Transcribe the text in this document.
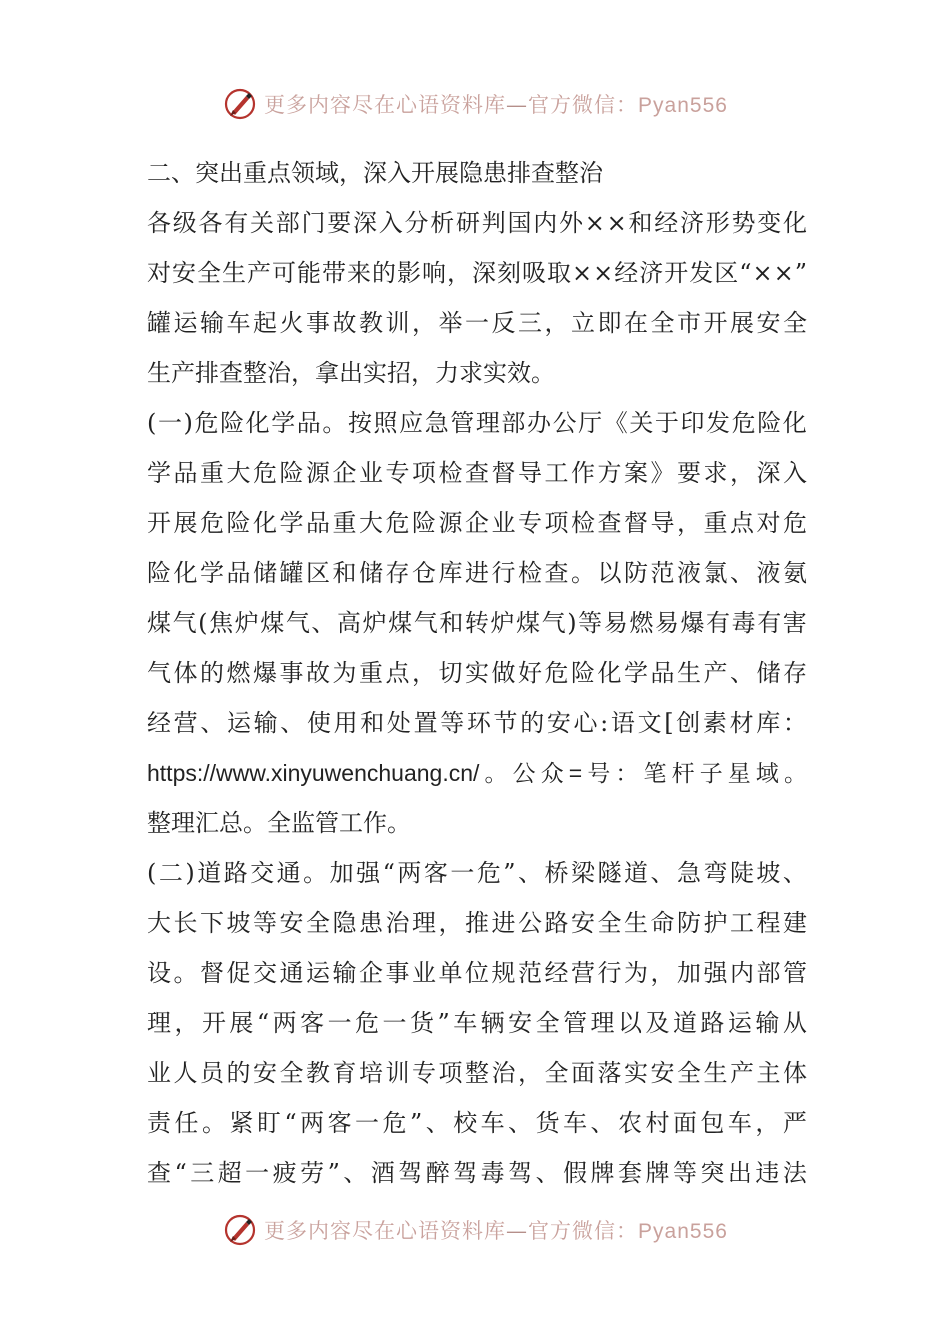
更多内容尽在心语资料库—官方微信：Pyan556
二、突出重点领域，深入开展隐患排查整治
各 级 各 有 关 部 门 要 深 入 分 析 研 判 国 内 外 × × 和 经 济 形 势 变 化
对 安 全 生 产 可 能 带 来 的 影 响 ， 深 刻 吸 取 × × 经 济 开 发 区 “ × × ”
罐 运 输 车 起 火 事 故 教 训 ， 举 一 反 三 ， 立 即 在 全 市 开 展 安 全
生产排查整治，拿出实招，力求实效。
( 一 ) 危 险 化 学 品 。 按 照 应 急 管 理 部 办 公 厅 《 关 于 印 发 危 险 化
学 品 重 大 危 险 源 企 业 专 项 检 查 督 导 工 作 方 案 》 要 求 ， 深 入
开 展 危 险 化 学 品 重 大 危 险 源 企 业 专 项 检 查 督 导 ， 重 点 对 危
险 化 学 品 储 罐 区 和 储 存 仓 库 进 行 检 查 。 以 防 范 液 氯 、 液 氨
煤 气 ( 焦 炉 煤 气 、 高 炉 煤 气 和 转 炉 煤 气 ) 等 易 燃 易 爆 有 毒 有 害
气 体 的 燃 爆 事 故 为 重 点 ， 切 实 做 好 危 险 化 学 品 生 产 、 储 存
经 营 、 运 输 、 使 用 和 处 置 等 环 节 的 安 心 : 语 文 [ 创 素 材 库 ：
https://www.xinyuwenchuang.cn/ 。 公 众 = 号 ： 笔 杆 子 星 域 。
整理汇总。全监管工作。
( 二 ) 道 路 交 通 。 加 强 “ 两 客 一 危 ” 、 桥 梁 隧 道 、 急 弯 陡 坡 、
大 长 下 坡 等 安 全 隐 患 治 理 ， 推 进 公 路 安 全 生 命 防 护 工 程 建
设 。 督 促 交 通 运 输 企 事 业 单 位 规 范 经 营 行 为 ， 加 强 内 部 管
理 ， 开 展 “ 两 客 一 危 一 货 ” 车 辆 安 全 管 理 以 及 道 路 运 输 从
业 人 员 的 安 全 教 育 培 训 专 项 整 治 ， 全 面 落 实 安 全 生 产 主 体
责 任 。 紧 盯 “ 两 客 一 危 ” 、 校 车 、 货 车 、 农 村 面 包 车 ， 严
查 “ 三 超 一 疲 劳 ” 、 酒 驾 醉 驾 毒 驾 、 假 牌 套 牌 等 突 出 违 法
更多内容尽在心语资料库—官方微信：Pyan556
